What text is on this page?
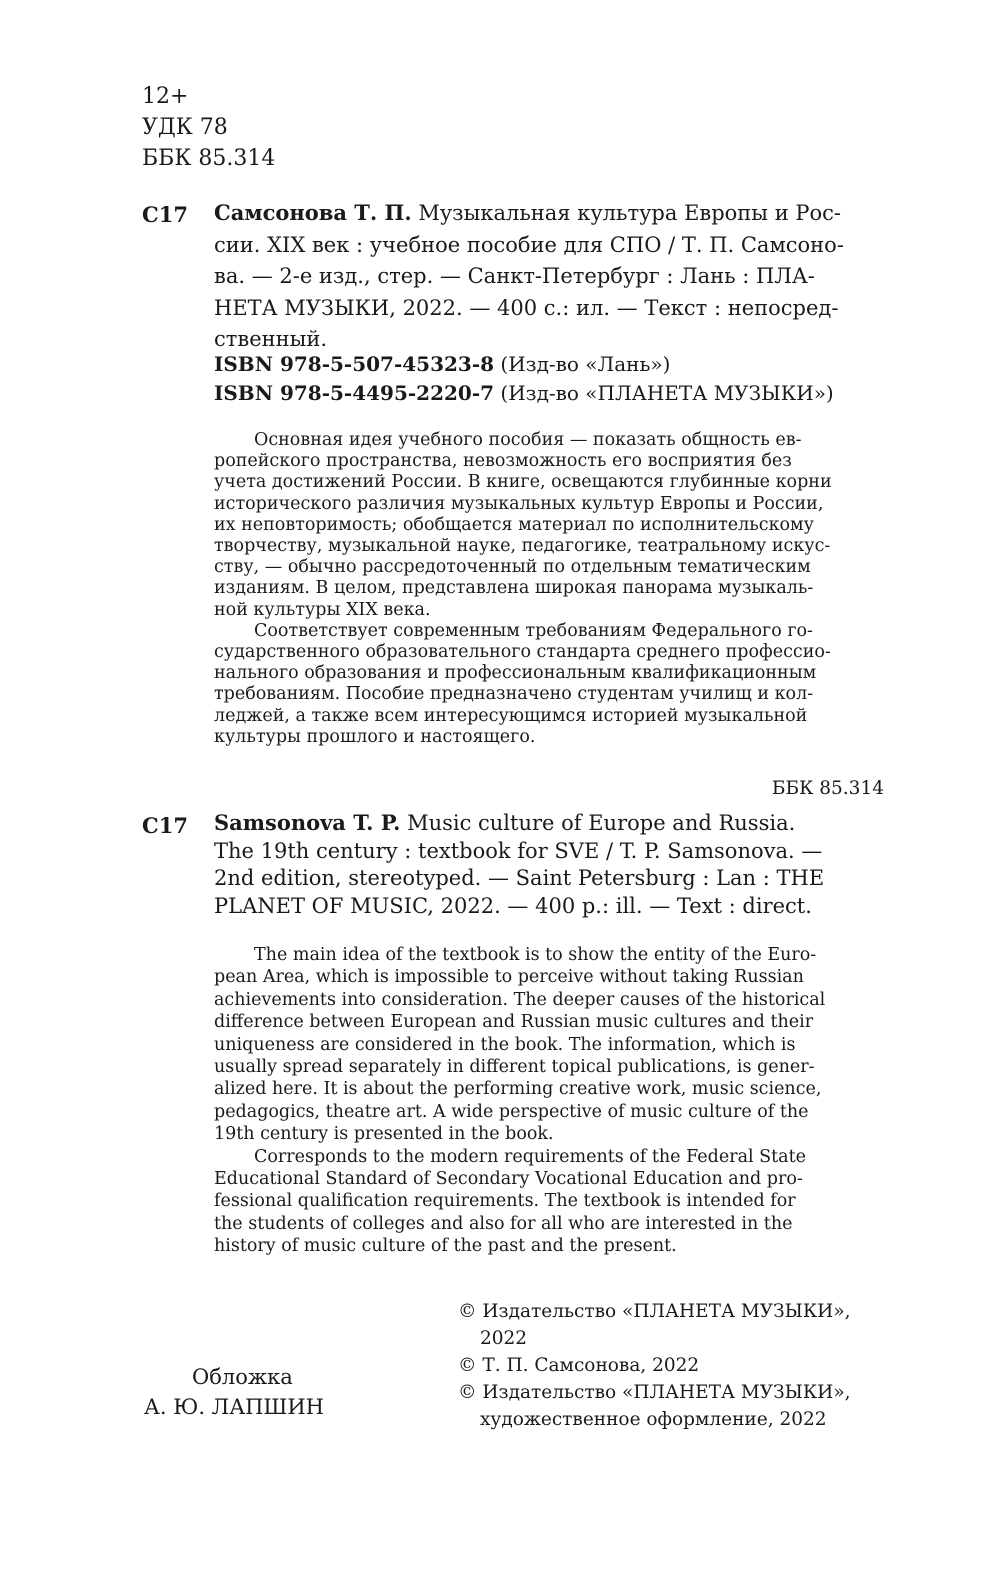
12+
УДК 78
ББК 85.314
С17 Самсонова Т. П. Музыкальная культура Европы и Рос-
сии. XIX век : учебное пособие для СПО / Т. П. Самсоно-
ва. — 2-е изд., стер. — Санкт-Петербург : Лань : ПЛА-
НЕТА МУЗЫКИ, 2022. — 400 с.: ил. — Текст : непосред-
ственный.
ISBN 978-5-507-45323-8 (Изд-во «Лань»)
ISBN 978-5-4495-2220-7 (Изд-во «ПЛАНЕТА МУЗЫКИ»)

Основная идея учебного пособия — показать общность ев-

ропейского пространства, невозможность его восприятия без

учета достижений России. В книге, освещаются глубинные корни

исторического различия музыкальных культур Европы и России,

их неповторимость; обобщается материал по исполнительскому

творчеству, музыкальной науке, педагогике, театральному искус-

ству, — обычно рассредоточенный по отдельным тематическим

изданиям. В целом, представлена широкая панорама музыкаль-

ной культуры XIX века.

Соответствует современным требованиям Федерального го-

сударственного образовательного стандарта среднего профессио-

нального образования и профессиональным квалификационным

требованиям. Пособие предназначено студентам училищ и кол-

леджей, а также всем интересующимся историей музыкальной

культуры прошлого и настоящего.

ББК 85.314
С17 Samsonova T. P. Music culture of Europe and Russia.
The 19th century : textbook for SVE / T. P. Samsonova. —
2nd edition, stereotyped. — Saint Petersburg : Lan : THE
PLANET OF MUSIC, 2022. — 400 p.: ill. — Text : direct.

The main idea of the textbook is to show the entity of the Euro-

pean Area, which is impossible to perceive without taking Russian

achievements into consideration. The deeper causes of the historical

difference between European and Russian music cultures and their

uniqueness are considered in the book. The information, which is

usually spread separately in different topical publications, is gener-

alized here. It is about the performing creative work, music science,

pedagogics, theatre art. A wide perspective of music culture of the

19th century is presented in the book.

Corresponds to the modern requirements of the Federal State

Educational Standard of Secondary Vocational Education and pro-

fessional qualification requirements. The textbook is intended for

the students of colleges and also for all who are interested in the

history of music culture of the past and the present.

Обложка
А. Ю. ЛАПШИН
© Издательство «ПЛАНЕТА МУЗЫКИ»,
2022
© Т. П. Самсонова, 2022
© Издательство «ПЛАНЕТА МУЗЫКИ»,
художественное оформление, 2022
